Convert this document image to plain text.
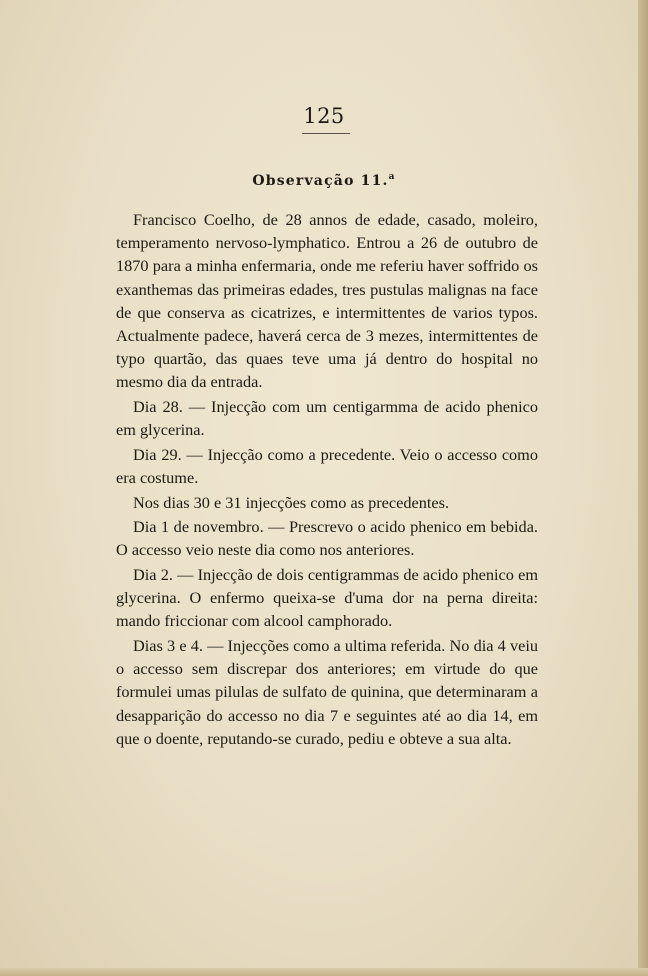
125
Observação 11.$^a$

Francisco Coelho, de 28 annos de edade, casado, moleiro, temperamento nervoso-lymphatico. Entrou a 26 de outubro de 1870 para a minha enfermaria, onde me referiu haver soffrido os exanthemas das primeiras edades, tres pustulas malignas na face de que conserva as cicatrizes, e intermittentes de varios typos. Actualmente padece, haverá cerca de 3 mezes, intermittentes de typo quartão, das quaes teve uma já dentro do hospital no mesmo dia da entrada.

Dia 28. — Injecção com um centigarmma de acido phenico em glycerina.

Dia 29. — Injecção como a precedente. Veio o accesso como era costume.

Nos dias 30 e 31 injecções como as precedentes.

Dia 1 de novembro. — Prescrevo o acido phenico em bebida. O accesso veio neste dia como nos anteriores.

Dia 2. — Injecção de dois centigrammas de acido phenico em glycerina. O enfermo queixa-se d'uma dor na perna direita: mando friccionar com alcool camphorado.

Dias 3 e 4. — Injecções como a ultima referida. No dia 4 veiu o accesso sem discrepar dos anteriores; em virtude do que formulei umas pilulas de sulfato de quinina, que determinaram a desapparição do accesso no dia 7 e seguintes até ao dia 14, em que o doente, reputando-se curado, pediu e obteve a sua alta.
